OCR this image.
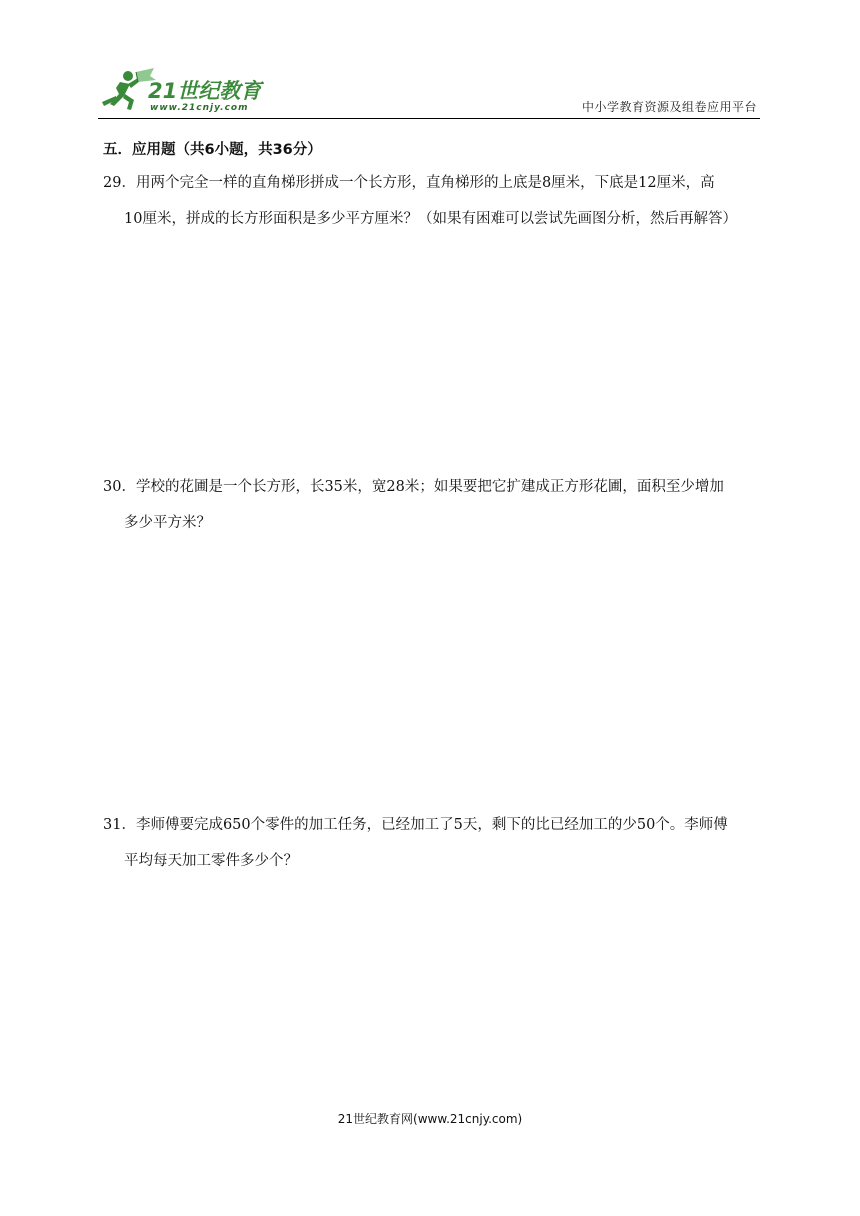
21世纪教育
www.21cnjy.com	中小学教育资源及组卷应用平台
五．应用题（共6小题，共36分）
29．用两个完全一样的直角梯形拼成一个长方形，直角梯形的上底是8厘米，下底是12厘米，高
10厘米，拼成的长方形面积是多少平方厘米？（如果有困难可以尝试先画图分析，然后再解答）
30．学校的花圃是一个长方形，长35米，宽28米；如果要把它扩建成正方形花圃，面积至少增加
多少平方米？
31．李师傅要完成650个零件的加工任务，已经加工了5天，剩下的比已经加工的少50个。李师傅
平均每天加工零件多少个？
21世纪教育网(www.21cnjy.com)
